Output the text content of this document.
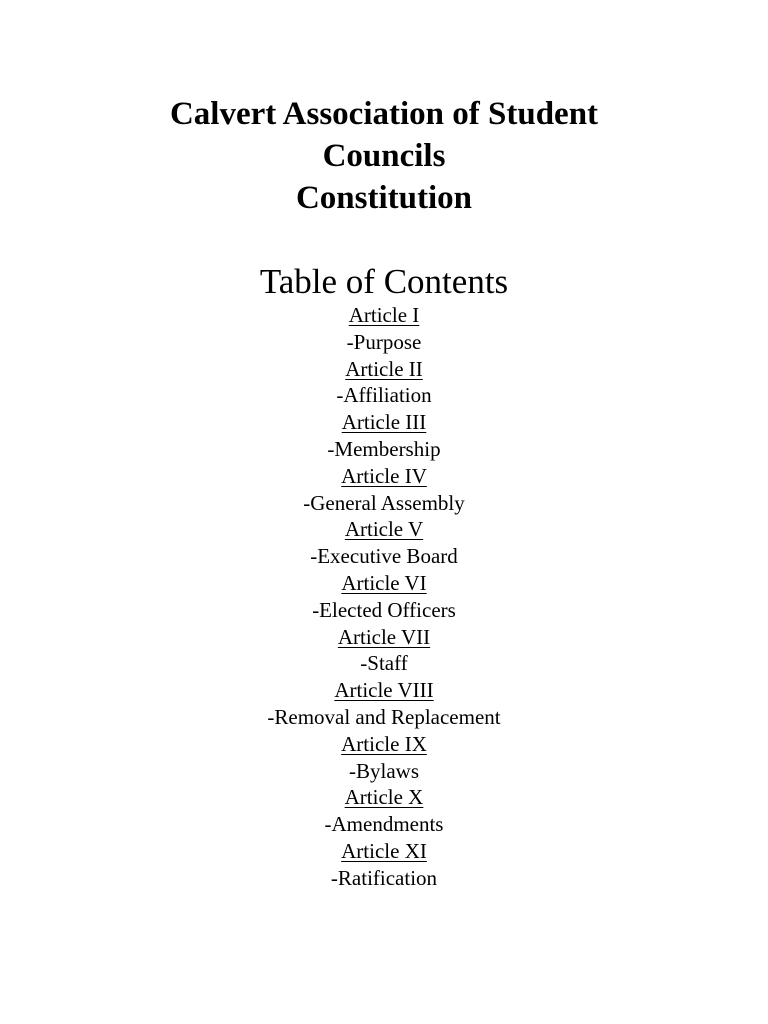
Calvert Association of Student
Councils
Constitution
Table of Contents
Article I
-Purpose
Article II
-Affiliation
Article III
-Membership
Article IV
-General Assembly
Article V
-Executive Board
Article VI
-Elected Officers
Article VII
-Staff
Article VIII
-Removal and Replacement
Article IX
-Bylaws
Article X
-Amendments
Article XI
-Ratification
